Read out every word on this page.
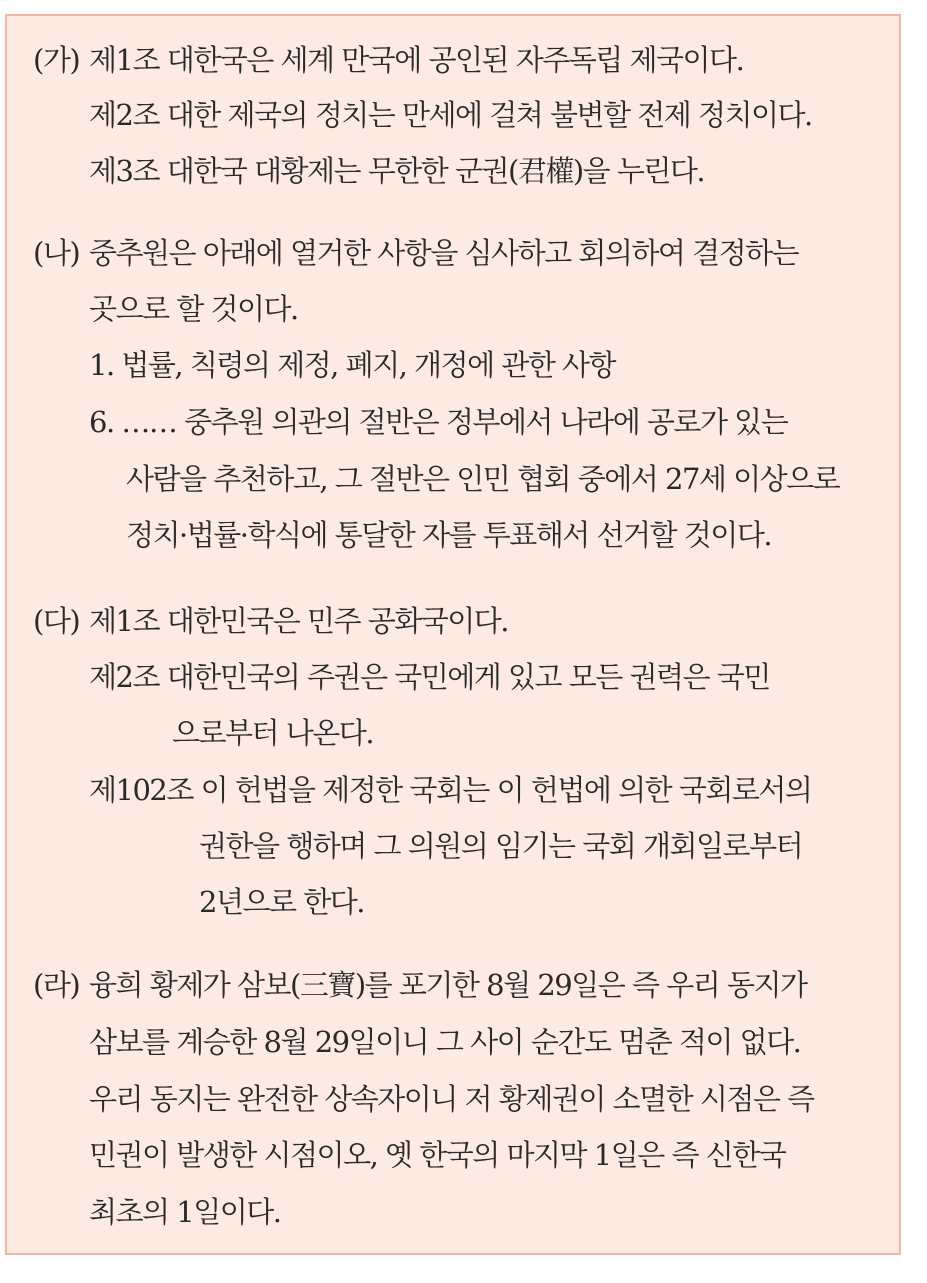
(가) 제1조 대한국은 세계 만국에 공인된 자주독립 제국이다.
제2조 대한 제국의 정치는 만세에 걸쳐 불변할 전제 정치이다.
제3조 대한국 대황제는 무한한 군권(君權)을 누린다.
(나) 중추원은 아래에 열거한 사항을 심사하고 회의하여 결정하는
곳으로 할 것이다.
1. 법률, 칙령의 제정, 폐지, 개정에 관한 사항
6. …… 중추원 의관의 절반은 정부에서 나라에 공로가 있는
사람을 추천하고, 그 절반은 인민 협회 중에서 27세 이상으로
정치·법률·학식에 통달한 자를 투표해서 선거할 것이다.
(다) 제1조 대한민국은 민주 공화국이다.
제2조 대한민국의 주권은 국민에게 있고 모든 권력은 국민
으로부터 나온다.
제102조 이 헌법을 제정한 국회는 이 헌법에 의한 국회로서의
권한을 행하며 그 의원의 임기는 국회 개회일로부터
2년으로 한다.
(라) 융희 황제가 삼보(三寶)를 포기한 8월 29일은 즉 우리 동지가
삼보를 계승한 8월 29일이니 그 사이 순간도 멈춘 적이 없다.
우리 동지는 완전한 상속자이니 저 황제권이 소멸한 시점은 즉
민권이 발생한 시점이오, 옛 한국의 마지막 1일은 즉 신한국
최초의 1일이다.
